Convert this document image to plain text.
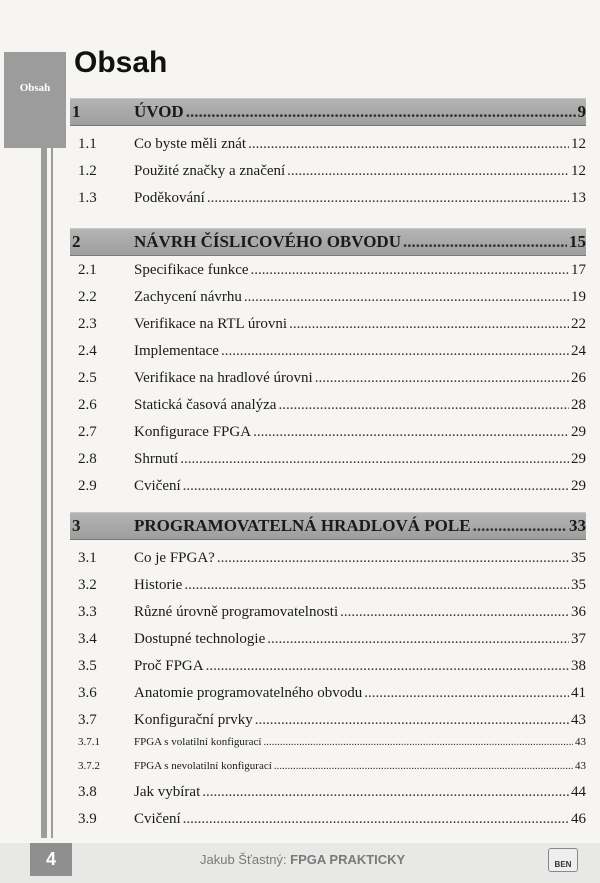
Obsah
Obsah
1	ÚVOD .....	9
1.1	Co byste měli znát .....	12
1.2	Použité značky a značení .....	12
1.3	Poděkování .....	13
2	NÁVRH ČÍSLICOVÉHO OBVODU .....	15
2.1	Specifikace funkce .....	17
2.2	Zachycení návrhu .....	19
2.3	Verifikace na RTL úrovni .....	22
2.4	Implementace .....	24
2.5	Verifikace na hradlové úrovni .....	26
2.6	Statická časová analýza .....	28
2.7	Konfigurace FPGA .....	29
2.8	Shrnutí .....	29
2.9	Cvičení .....	29
3	PROGRAMOVATELNÁ HRADLOVÁ POLE .....	33
3.1	Co je FPGA? .....	35
3.2	Historie .....	35
3.3	Různé úrovně programovatelnosti .....	36
3.4	Dostupné technologie .....	37
3.5	Proč FPGA .....	38
3.6	Anatomie programovatelného obvodu .....	41
3.7	Konfigurační prvky .....	43
3.7.1	FPGA s volatilní konfigurací .....	43
3.7.2	FPGA s nevolatilní konfigurací .....	43
3.8	Jak vybírat .....	44
3.9	Cvičení .....	46
4	Jakub Šťastný: FPGA PRAKTICKY	BEN
